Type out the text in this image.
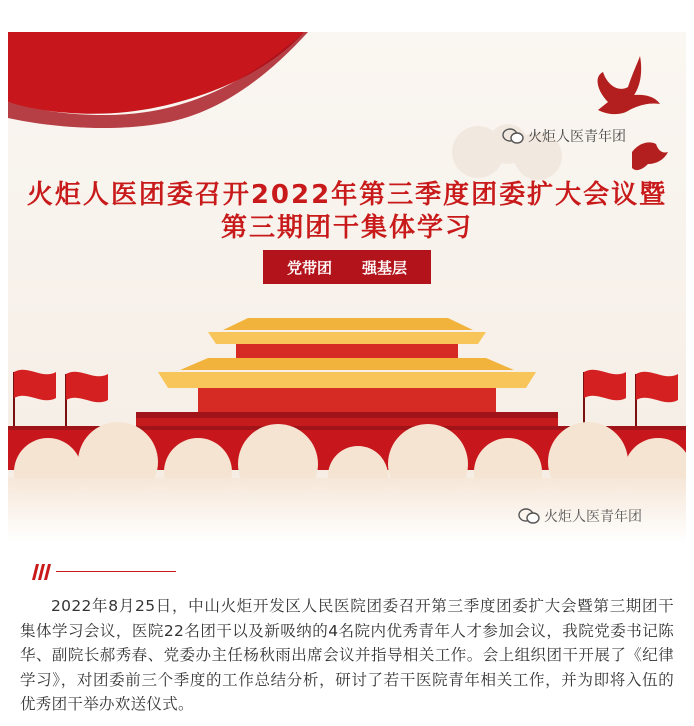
火炬人医青年团
火炬人医团委召开2022年第三季度团委扩大会议暨
第三期团干集体学习
党带团 强基层
火炬人医青年团

2022年8月25日，中山火炬开发区人民医院团委召开第三季度团委扩大会暨第三期团干集体学习会议，医院22名团干以及新吸纳的4名院内优秀青年人才参加会议，我院党委书记陈华、副院长郝秀春、党委办主任杨秋雨出席会议并指导相关工作。会上组织团干开展了《纪律学习》，对团委前三个季度的工作总结分析，研讨了若干医院青年相关工作，并为即将入伍的优秀团干举办欢送仪式。
